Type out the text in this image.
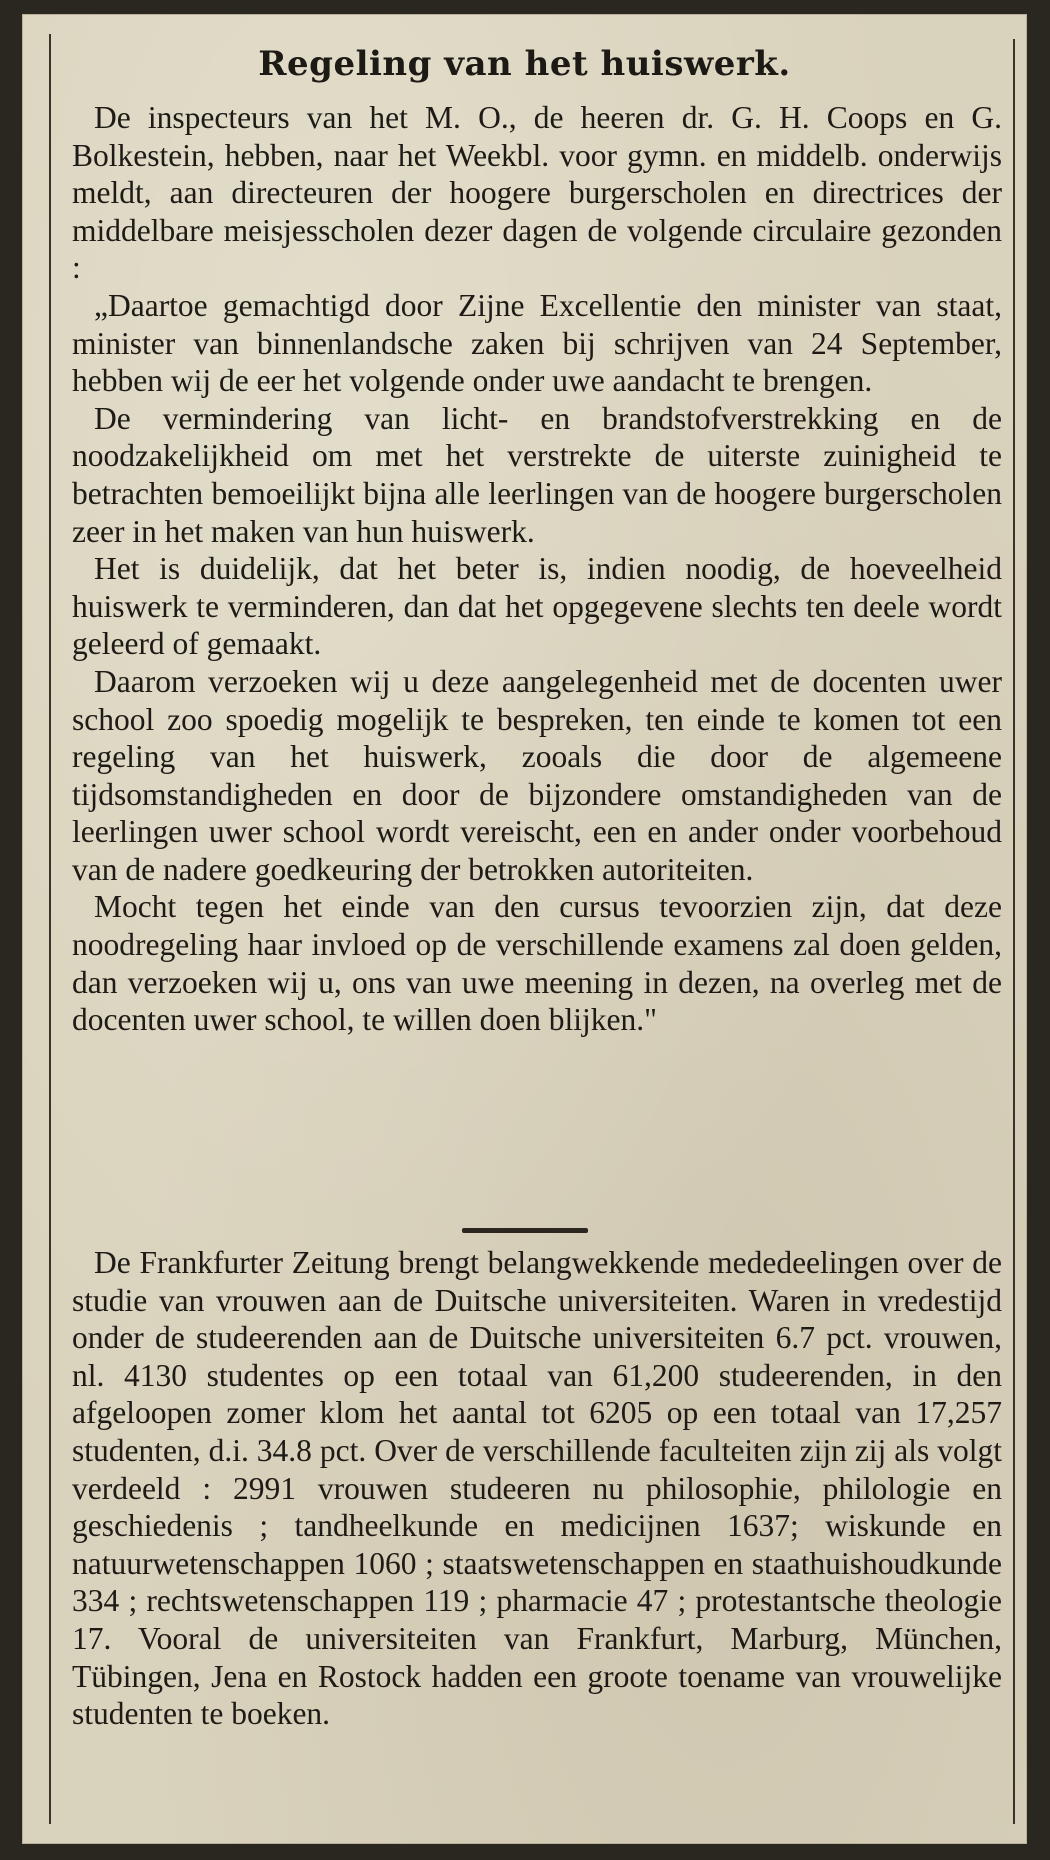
Regeling van het huiswerk.

De inspecteurs van het M. O., de heeren dr. G. H. Coops en G. Bolkestein, hebben, naar het Weekbl. voor gymn. en middelb. onderwijs meldt, aan directeuren der hoogere burgerscholen en directrices der middelbare meisjesscholen dezer dagen de volgende circulaire gezonden :

„Daartoe gemachtigd door Zijne Excellentie den minister van staat, minister van binnenlandsche zaken bij schrijven van 24 September, hebben wij de eer het volgende onder uwe aandacht te brengen.

De vermindering van licht- en brandstofverstrekking en de noodzakelijkheid om met het verstrekte de uiterste zuinigheid te betrachten bemoeilijkt bijna alle leerlingen van de hoogere burgerscholen zeer in het maken van hun huiswerk.

Het is duidelijk, dat het beter is, indien noodig, de hoeveelheid huiswerk te verminderen, dan dat het opgegevene slechts ten deele wordt geleerd of gemaakt.

Daarom verzoeken wij u deze aangelegenheid met de docenten uwer school zoo spoedig mogelijk te bespreken, ten einde te komen tot een regeling van het huiswerk, zooals die door de algemeene tijdsomstandigheden en door de bijzondere omstandigheden van de leerlingen uwer school wordt vereischt, een en ander onder voorbehoud van de nadere goedkeuring der betrokken autoriteiten.

Mocht tegen het einde van den cursus tevoorzien zijn, dat deze noodregeling haar invloed op de verschillende examens zal doen gelden, dan verzoeken wij u, ons van uwe meening in dezen, na overleg met de docenten uwer school, te willen doen blijken."

De Frankfurter Zeitung brengt belangwekkende mededeelingen over de studie van vrouwen aan de Duitsche universiteiten. Waren in vredestijd onder de studeerenden aan de Duitsche universiteiten 6.7 pct. vrouwen, nl. 4130 studentes op een totaal van 61,200 studeerenden, in den afgeloopen zomer klom het aantal tot 6205 op een totaal van 17,257 studenten, d.i. 34.8 pct. Over de verschillende faculteiten zijn zij als volgt verdeeld : 2991 vrouwen studeeren nu philosophie, philologie en geschiedenis ; tandheelkunde en medicijnen 1637; wiskunde en natuurwetenschappen 1060 ; staatswetenschappen en staathuishoudkunde 334 ; rechtswetenschappen 119 ; pharmacie 47 ; protestantsche theologie 17. Vooral de universiteiten van Frankfurt, Marburg, München, Tübingen, Jena en Rostock hadden een groote toename van vrouwelijke studenten te boeken.
